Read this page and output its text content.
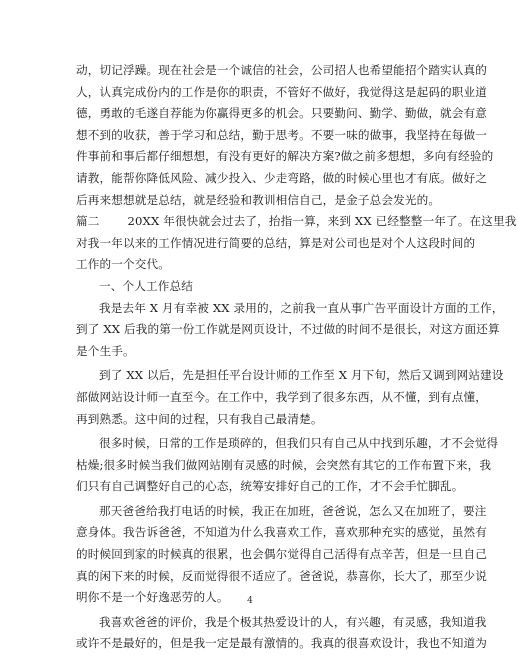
动，切记浮躁。现在社会是一个诚信的社会，公司招人也希望能招个踏实认真的
人，认真完成份内的工作是你的职责，不管好不做好，我觉得这是起码的职业道
德，勇敢的毛遂自荐能为你赢得更多的机会。只要勤问、勤学、勤做，就会有意
想不到的收获，善于学习和总结，勤于思考。不要一味的做事，我坚持在每做一
件事前和事后都仔细想想，有没有更好的解决方案?做之前多想想，多向有经验的
请教，能帮你降低风险、减少投入、少走弯路，做的时候心里也才有底。做好之
后再来想想就是总结，就是经验和教训相信自己，是金子总会发光的。
篇二 20XX 年很快就会过去了，抬指一算，来到 XX 已经整整一年了。在这里我
对我一年以来的工作情况进行简要的总结，算是对公司也是对个人这段时间的
工作的一个交代。
一、个人工作总结
我是去年 X 月有幸被 XX 录用的，之前我一直从事广告平面设计方面的工作，
到了 XX 后我的第一份工作就是网页设计，不过做的时间不是很长，对这方面还算
是个生手。
到了 XX 以后，先是担任平台设计师的工作至 X 月下旬，然后又调到网站建设
部做网站设计师一直至今。在工作中，我学到了很多东西，从不懂，到有点懂，
再到熟悉。这中间的过程，只有我自己最清楚。
很多时候，日常的工作是琐碎的，但我们只有自己从中找到乐趣，才不会觉得
枯燥;很多时候当我们做网站刚有灵感的时候，会突然有其它的工作布置下来，我
们只有自己调整好自己的心态，统筹安排好自己的工作，才不会手忙脚乱。
那天爸爸给我打电话的时候，我正在加班，爸爸说，怎么又在加班了，要注
意身体。我告诉爸爸，不知道为什么我喜欢工作，喜欢那种充实的感觉，虽然有
的时候回到家的时候真的很累，也会偶尔觉得自己活得有点辛苦，但是一旦自己
真的闲下来的时候，反而觉得很不适应了。爸爸说，恭喜你，长大了，那至少说
明你不是一个好逸恶劳的人。
我喜欢爸爸的评价，我是个极其热爱设计的人，有兴趣，有灵感，我知道我
或许不是最好的，但是我一定是最有激情的。我真的很喜欢设计，我也不知道为
4
